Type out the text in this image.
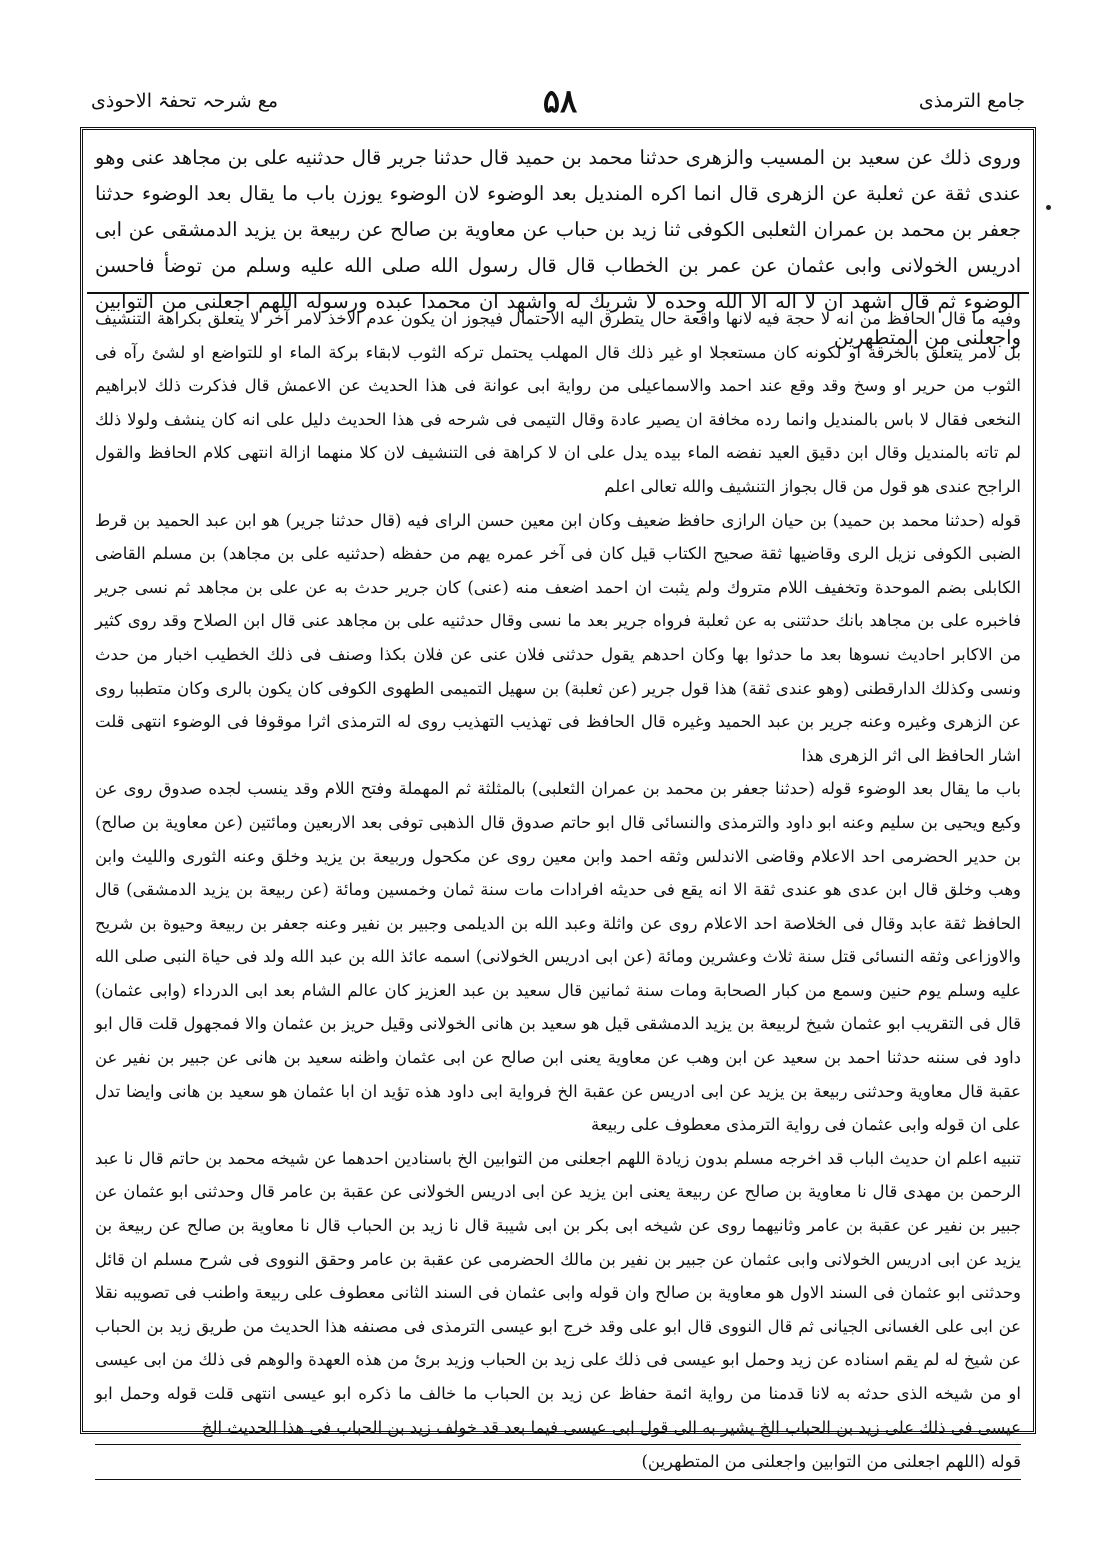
جامع الترمذی
۵۸
مع شرحہ تحفۃ الاحوذی

وروى ذلك عن سعيد بن المسيب والزهرى حدثنا محمد بن حميد قال حدثنا جرير قال حدثنيه على بن مجاهد عنى وهو عندى ثقة عن ثعلبة عن الزهرى قال انما اكره المنديل بعد الوضوء لان الوضوء يوزن باب ما يقال بعد الوضوء حدثنا جعفر بن محمد بن عمران الثعلبى الكوفى ثنا زيد بن حباب عن معاوية بن صالح عن ربيعة بن يزيد الدمشقى عن ابى ادريس الخولانى وابى عثمان عن عمر بن الخطاب قال قال رسول الله صلى الله عليه وسلم من توضأ فاحسن الوضوء ثم قال اشهد ان لا اله الا الله وحده لا شريك له واشهد ان محمدا عبده ورسوله اللهم اجعلنى من التوابين واجعلنى من المتطهرين

وفيه ما قال الحافظ من انه لا حجة فيه لانها واقعة حال يتطرق اليه الاحتمال فيجوز ان يكون عدم الاخذ لامر آخر لا يتعلق بكراهة التنشيف بل لامر يتعلق بالخرقة او لكونه كان مستعجلا او غير ذلك قال المهلب يحتمل تركه الثوب لابقاء بركة الماء او للتواضع او لشئ رآه فى الثوب من حرير او وسخ وقد وقع عند احمد والاسماعيلى من رواية ابى عوانة فى هذا الحديث عن الاعمش قال فذكرت ذلك لابراهيم النخعى فقال لا باس بالمنديل وانما رده مخافة ان يصير عادة وقال التيمى فى شرحه فى هذا الحديث دليل على انه كان ينشف ولولا ذلك لم تاته بالمنديل وقال ابن دقيق العيد نفضه الماء بيده يدل على ان لا كراهة فى التنشيف لان كلا منهما ازالة انتهى كلام الحافظ والقول الراجح عندى هو قول من قال بجواز التنشيف والله تعالى اعلم

قوله (حدثنا محمد بن حميد) بن حيان الرازى حافظ ضعيف وكان ابن معين حسن الراى فيه (قال حدثنا جرير) هو ابن عبد الحميد بن قرط الضبى الكوفى نزيل الرى وقاضيها ثقة صحيح الكتاب قيل كان فى آخر عمره يهم من حفظه (حدثنيه على بن مجاهد) بن مسلم القاضى الكابلى بضم الموحدة وتخفيف اللام متروك ولم يثبت ان احمد اضعف منه (عنى) كان جرير حدث به عن على بن مجاهد ثم نسى جرير فاخبره على بن مجاهد بانك حدثتنى به عن ثعلبة فرواه جرير بعد ما نسى وقال حدثنيه على بن مجاهد عنى قال ابن الصلاح وقد روى كثير من الاكابر احاديث نسوها بعد ما حدثوا بها وكان احدهم يقول حدثنى فلان عنى عن فلان بكذا وصنف فى ذلك الخطيب اخبار من حدث ونسى وكذلك الدارقطنى (وهو عندى ثقة) هذا قول جرير (عن ثعلبة) بن سهيل التميمى الطهوى الكوفى كان يكون بالرى وكان متطببا روى عن الزهرى وغيره وعنه جرير بن عبد الحميد وغيره قال الحافظ فى تهذيب التهذيب روى له الترمذى اثرا موقوفا فى الوضوء انتهى قلت اشار الحافظ الى اثر الزهرى هذا

باب ما يقال بعد الوضوء قوله (حدثنا جعفر بن محمد بن عمران الثعلبى) بالمثلثة ثم المهملة وفتح اللام وقد ينسب لجده صدوق روى عن وكيع ويحيى بن سليم وعنه ابو داود والترمذى والنسائى قال ابو حاتم صدوق قال الذهبى توفى بعد الاربعين ومائتين (عن معاوية بن صالح) بن حدير الحضرمى احد الاعلام وقاضى الاندلس وثقه احمد وابن معين روى عن مكحول وربيعة بن يزيد وخلق وعنه الثورى والليث وابن وهب وخلق قال ابن عدى هو عندى ثقة الا انه يقع فى حديثه افرادات مات سنة ثمان وخمسين ومائة (عن ربيعة بن يزيد الدمشقى) قال الحافظ ثقة عابد وقال فى الخلاصة احد الاعلام روى عن واثلة وعبد الله بن الديلمى وجبير بن نفير وعنه جعفر بن ربيعة وحيوة بن شريح والاوزاعى وثقه النسائى قتل سنة ثلاث وعشرين ومائة (عن ابى ادريس الخولانى) اسمه عائذ الله بن عبد الله ولد فى حياة النبى صلى الله عليه وسلم يوم حنين وسمع من كبار الصحابة ومات سنة ثمانين قال سعيد بن عبد العزيز كان عالم الشام بعد ابى الدرداء (وابى عثمان) قال فى التقريب ابو عثمان شيخ لربيعة بن يزيد الدمشقى قيل هو سعيد بن هانى الخولانى وقيل حريز بن عثمان والا فمجهول قلت قال ابو داود فى سننه حدثنا احمد بن سعيد عن ابن وهب عن معاوية يعنى ابن صالح عن ابى عثمان واظنه سعيد بن هانى عن جبير بن نفير عن عقبة قال معاوية وحدثنى ربيعة بن يزيد عن ابى ادريس عن عقبة الخ فرواية ابى داود هذه تؤيد ان ابا عثمان هو سعيد بن هانى وايضا تدل على ان قوله وابى عثمان فى رواية الترمذى معطوف على ربيعة

تنبيه اعلم ان حديث الباب قد اخرجه مسلم بدون زيادة اللهم اجعلنى من التوابين الخ باسنادين احدهما عن شيخه محمد بن حاتم قال نا عبد الرحمن بن مهدى قال نا معاوية بن صالح عن ربيعة يعنى ابن يزيد عن ابى ادريس الخولانى عن عقبة بن عامر قال وحدثنى ابو عثمان عن جبير بن نفير عن عقبة بن عامر وثانيهما روى عن شيخه ابى بكر بن ابى شيبة قال نا زيد بن الحباب قال نا معاوية بن صالح عن ربيعة بن يزيد عن ابى ادريس الخولانى وابى عثمان عن جبير بن نفير بن مالك الحضرمى عن عقبة بن عامر وحقق النووى فى شرح مسلم ان قائل وحدثنى ابو عثمان فى السند الاول هو معاوية بن صالح وان قوله وابى عثمان فى السند الثانى معطوف على ربيعة واطنب فى تصويبه نقلا عن ابى على الغسانى الجيانى ثم قال النووى قال ابو على وقد خرج ابو عيسى الترمذى فى مصنفه هذا الحديث من طريق زيد بن الحباب عن شيخ له لم يقم اسناده عن زيد وحمل ابو عيسى فى ذلك على زيد بن الحباب وزيد برئ من هذه العهدة والوهم فى ذلك من ابى عيسى او من شيخه الذى حدثه به لانا قدمنا من رواية ائمة حفاظ عن زيد بن الحباب ما خالف ما ذكره ابو عيسى انتهى قلت قوله وحمل ابو عيسى فى ذلك على زيد بن الحباب الخ يشير به الى قول ابى عيسى فيما بعد قد خولف زيد بن الحباب فى هذا الحديث الخ

قوله (اللهم اجعلنى من التوابين واجعلنى من المتطهرين)
